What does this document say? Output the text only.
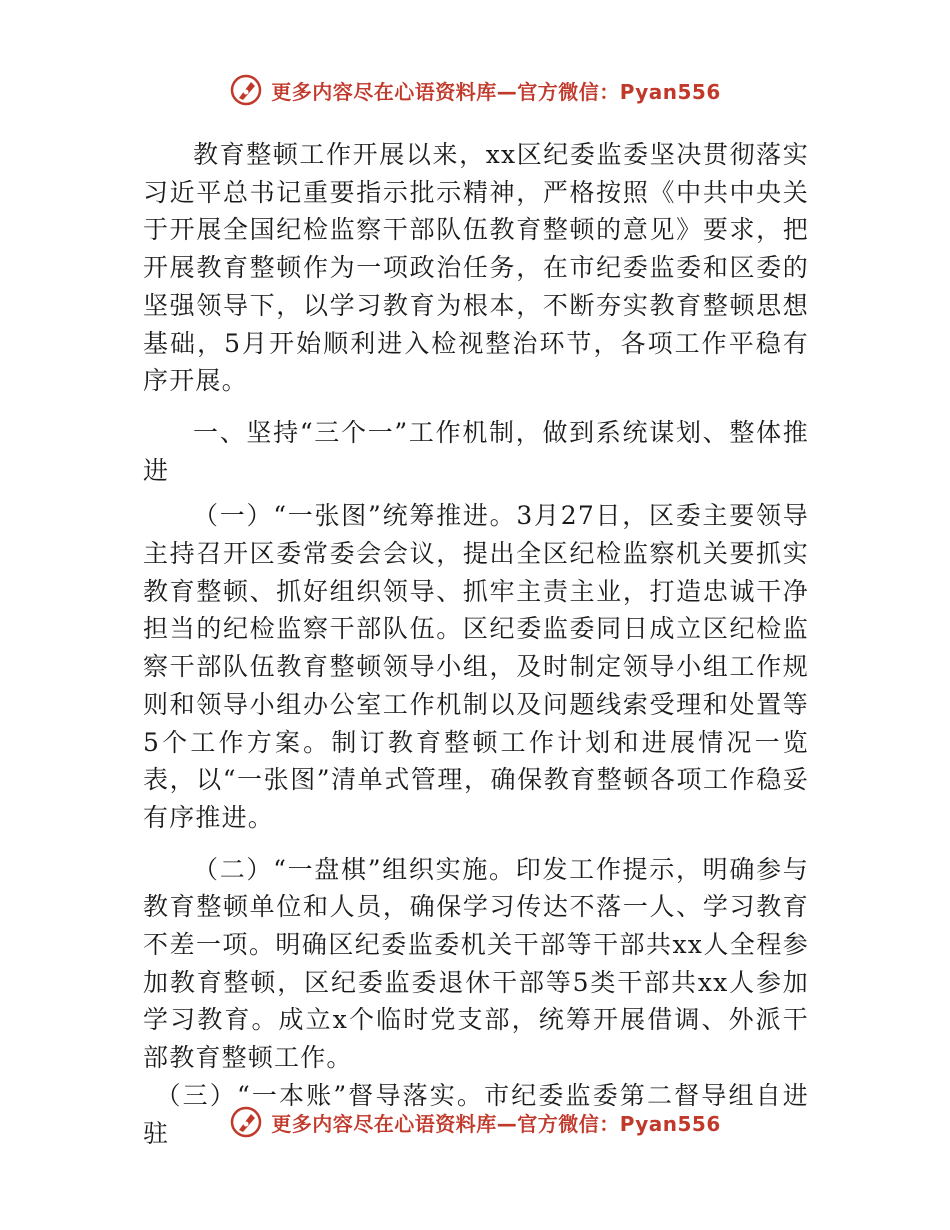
更多内容尽在心语资料库—官方微信：Pyan556

教育整顿工作开展以来，xx区纪委监委坚决贯彻落实习近平总书记重要指示批示精神，严格按照《中共中央关于开展全国纪检监察干部队伍教育整顿的意见》要求，把开展教育整顿作为一项政治任务，在市纪委监委和区委的坚强领导下，以学习教育为根本，不断夯实教育整顿思想基础，5月开始顺利进入检视整治环节，各项工作平稳有序开展。

一、坚持“三个一”工作机制，做到系统谋划、整体推进

（一）“一张图”统筹推进。3月27日，区委主要领导主持召开区委常委会会议，提出全区纪检监察机关要抓实教育整顿、抓好组织领导、抓牢主责主业，打造忠诚干净担当的纪检监察干部队伍。区纪委监委同日成立区纪检监察干部队伍教育整顿领导小组，及时制定领导小组工作规则和领导小组办公室工作机制以及问题线索受理和处置等5个工作方案。制订教育整顿工作计划和进展情况一览表，以“一张图”清单式管理，确保教育整顿各项工作稳妥有序推进。

（二）“一盘棋”组织实施。印发工作提示，明确参与教育整顿单位和人员，确保学习传达不落一人、学习教育不差一项。明确区纪委监委机关干部等干部共xx人全程参加教育整顿，区纪委监委退休干部等5类干部共xx人参加学习教育。成立x个临时党支部，统筹开展借调、外派干部教育整顿工作。

（三）“一本账”督导落实。市纪委监委第二督导组自进驻	更多内容尽在心语资料库—官方微信：Pyan556
